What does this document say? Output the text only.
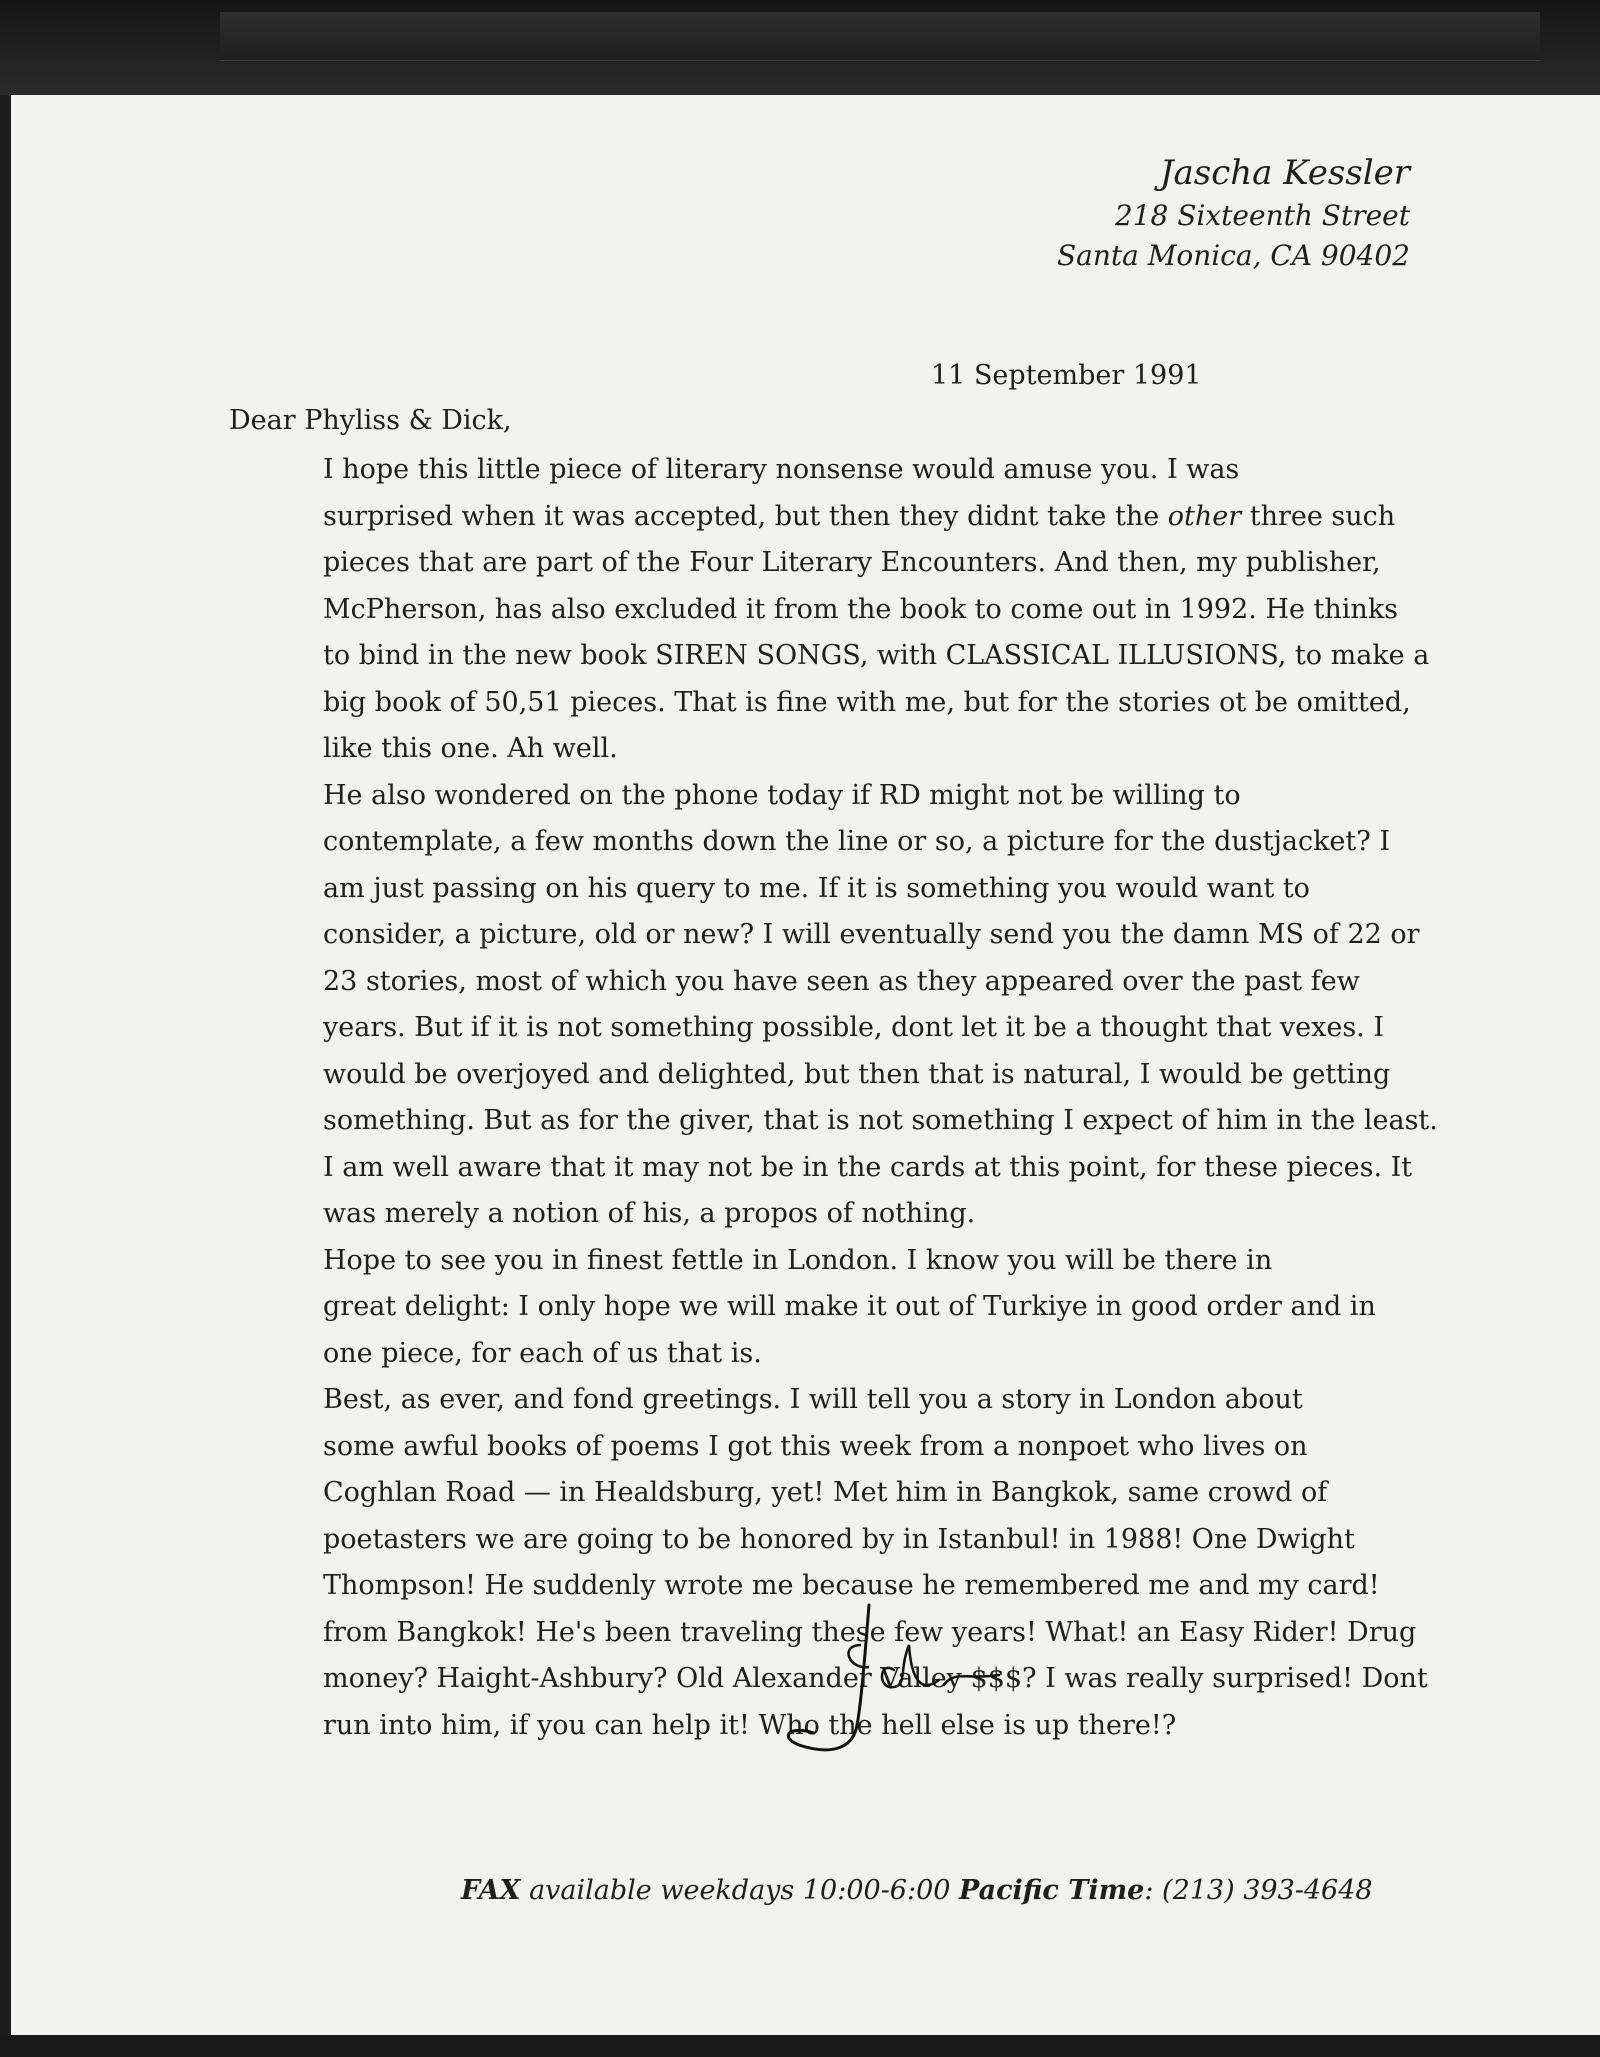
Jascha Kessler
218 Sixteenth Street
Santa Monica, CA 90402
11 September 1991
Dear Phyliss & Dick,

I hope this little piece of literary nonsense would amuse you. I was
surprised when it was accepted, but then they didnt take the other three such
pieces that are part of the Four Literary Encounters. And then, my publisher,
McPherson, has also excluded it from the book to come out in 1992. He thinks
to bind in the new book SIREN SONGS, with CLASSICAL ILLUSIONS, to make a
big book of 50,51 pieces. That is fine with me, but for the stories ot be omitted,
like this one. Ah well.

He also wondered on the phone today if RD might not be willing to
contemplate, a few months down the line or so, a picture for the dustjacket? I
am just passing on his query to me. If it is something you would want to
consider, a picture, old or new? I will eventually send you the damn MS of 22 or
23 stories, most of which you have seen as they appeared over the past few
years. But if it is not something possible, dont let it be a thought that vexes. I
would be overjoyed and delighted, but then that is natural, I would be getting
something. But as for the giver, that is not something I expect of him in the least.
I am well aware that it may not be in the cards at this point, for these pieces. It
was merely a notion of his, a propos of nothing.

Hope to see you in finest fettle in London. I know you will be there in
great delight: I only hope we will make it out of Turkiye in good order and in
one piece, for each of us that is.

Best, as ever, and fond greetings. I will tell you a story in London about
some awful books of poems I got this week from a nonpoet who lives on
Coghlan Road — in Healdsburg, yet! Met him in Bangkok, same crowd of
poetasters we are going to be honored by in Istanbul! in 1988! One Dwight
Thompson! He suddenly wrote me because he remembered me and my card!
from Bangkok! He's been traveling these few years! What! an Easy Rider! Drug
money? Haight-Ashbury? Old Alexander Valley $$$? I was really surprised! Dont
run into him, if you can help it! Who the hell else is up there!?

FAX available weekdays 10:00-6:00 Pacific Time: (213) 393-4648
